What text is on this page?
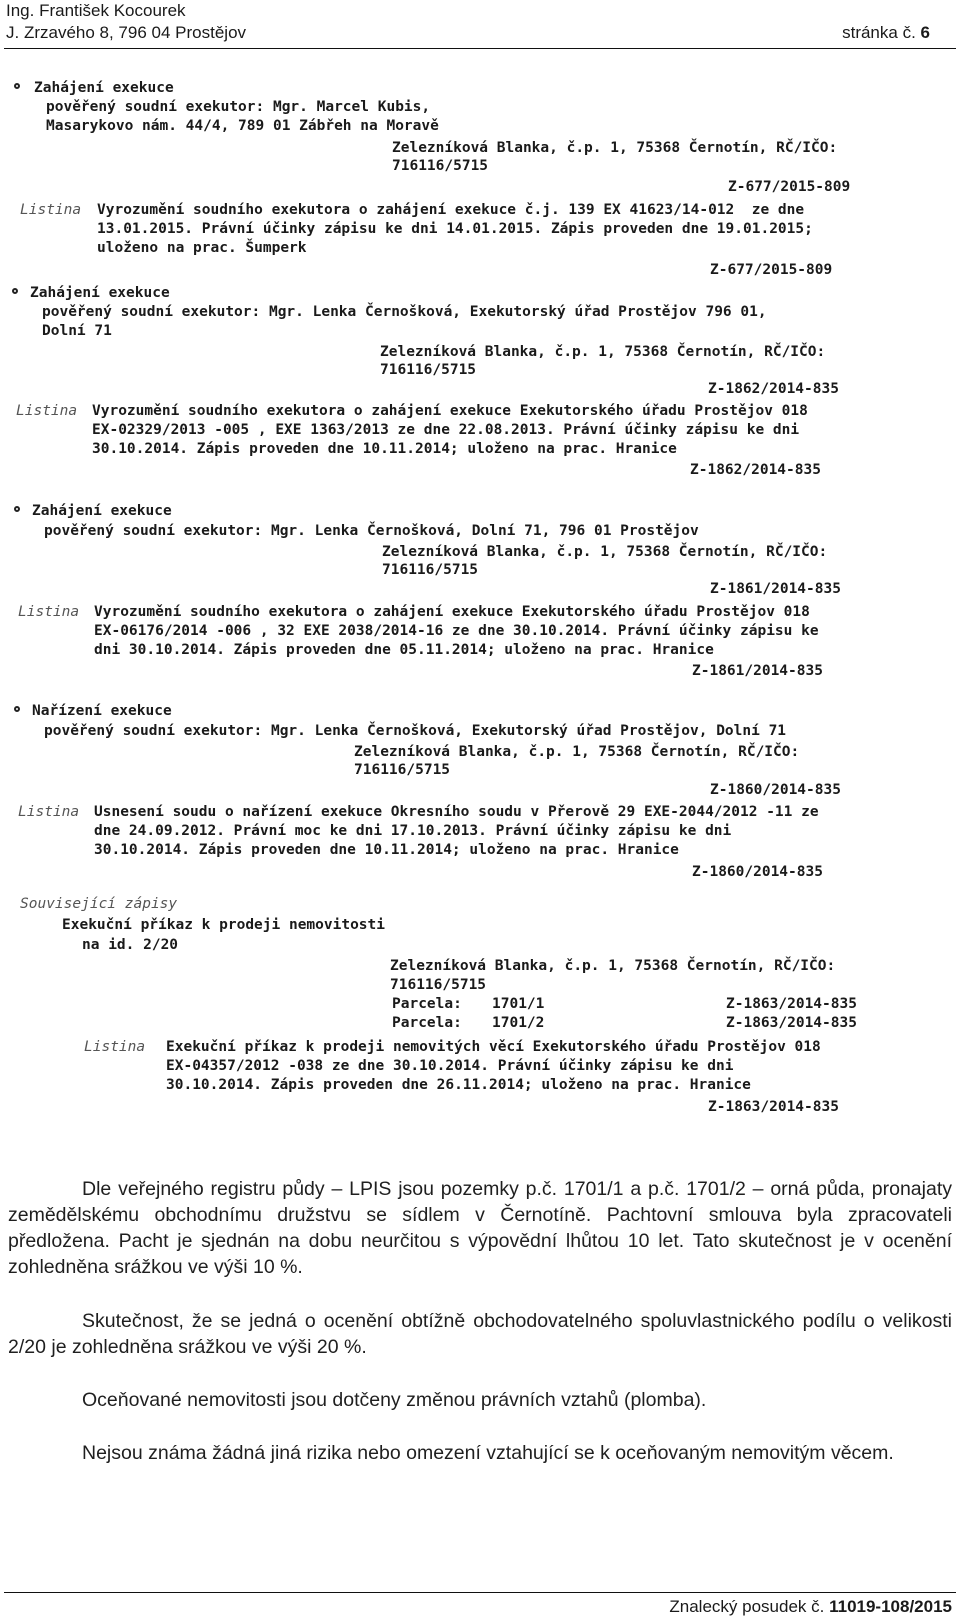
Ing. František Kocourek
J. Zrzavého 8, 796 04 Prostějov	stránka č. 6
Zahájení exekuce
pověřený soudní exekutor: Mgr. Marcel Kubis,
Masarykovo nám. 44/4, 789 01 Zábřeh na Moravě
Zelezníková Blanka, č.p. 1, 75368 Černotín, RČ/IČO:
716116/5715
Z-677/2015-809
Listina Vyrozumění soudního exekutora o zahájení exekuce č.j. 139 EX 41623/14-012  ze dne
13.01.2015. Právní účinky zápisu ke dni 14.01.2015. Zápis proveden dne 19.01.2015;
uloženo na prac. Šumperk
Z-677/2015-809
Zahájení exekuce
pověřený soudní exekutor: Mgr. Lenka Černošková, Exekutorský úřad Prostějov 796 01,
Dolní 71
Zelezníková Blanka, č.p. 1, 75368 Černotín, RČ/IČO:
716116/5715
Z-1862/2014-835
Listina Vyrozumění soudního exekutora o zahájení exekuce Exekutorského úřadu Prostějov 018
EX-02329/2013 -005 , EXE 1363/2013 ze dne 22.08.2013. Právní účinky zápisu ke dni
30.10.2014. Zápis proveden dne 10.11.2014; uloženo na prac. Hranice
Z-1862/2014-835
Zahájení exekuce
pověřený soudní exekutor: Mgr. Lenka Černošková, Dolní 71, 796 01 Prostějov
Zelezníková Blanka, č.p. 1, 75368 Černotín, RČ/IČO:
716116/5715
Z-1861/2014-835
Listina Vyrozumění soudního exekutora o zahájení exekuce Exekutorského úřadu Prostějov 018
EX-06176/2014 -006 , 32 EXE 2038/2014-16 ze dne 30.10.2014. Právní účinky zápisu ke
dni 30.10.2014. Zápis proveden dne 05.11.2014; uloženo na prac. Hranice
Z-1861/2014-835
Nařízení exekuce
pověřený soudní exekutor: Mgr. Lenka Černošková, Exekutorský úřad Prostějov, Dolní 71
Zelezníková Blanka, č.p. 1, 75368 Černotín, RČ/IČO:
716116/5715
Z-1860/2014-835
Listina Usnesení soudu o nařízení exekuce Okresního soudu v Přerově 29 EXE-2044/2012 -11 ze
dne 24.09.2012. Právní moc ke dni 17.10.2013. Právní účinky zápisu ke dni
30.10.2014. Zápis proveden dne 10.11.2014; uloženo na prac. Hranice
Z-1860/2014-835
Související zápisy
Exekuční příkaz k prodeji nemovitosti
na id. 2/20
Zelezníková Blanka, č.p. 1, 75368 Černotín, RČ/IČO:
716116/5715
Parcela: 1701/1	Z-1863/2014-835
Parcela: 1701/2	Z-1863/2014-835
Listina Exekuční příkaz k prodeji nemovitých věcí Exekutorského úřadu Prostějov 018
EX-04357/2012 -038 ze dne 30.10.2014. Právní účinky zápisu ke dni
30.10.2014. Zápis proveden dne 26.11.2014; uloženo na prac. Hranice
Z-1863/2014-835

Dle veřejného registru půdy – LPIS jsou pozemky p.č. 1701/1 a p.č. 1701/2 – orná půda, pronajaty zemědělskému obchodnímu družstvu se sídlem v Černotíně. Pachtovní smlouva byla zpracovateli předložena. Pacht je sjednán na dobu neurčitou s výpovědní lhůtou 10 let. Tato skutečnost je v ocenění zohledněna srážkou ve výši 10 %.

Skutečnost, že se jedná o ocenění obtížně obchodovatelného spoluvlastnického podílu o velikosti 2/20 je zohledněna srážkou ve výši 20 %.

Oceňované nemovitosti jsou dotčeny změnou právních vztahů (plomba).

Nejsou známa žádná jiná rizika nebo omezení vztahující se k oceňovaným nemovitým věcem.

Znalecký posudek č. 11019-108/2015
